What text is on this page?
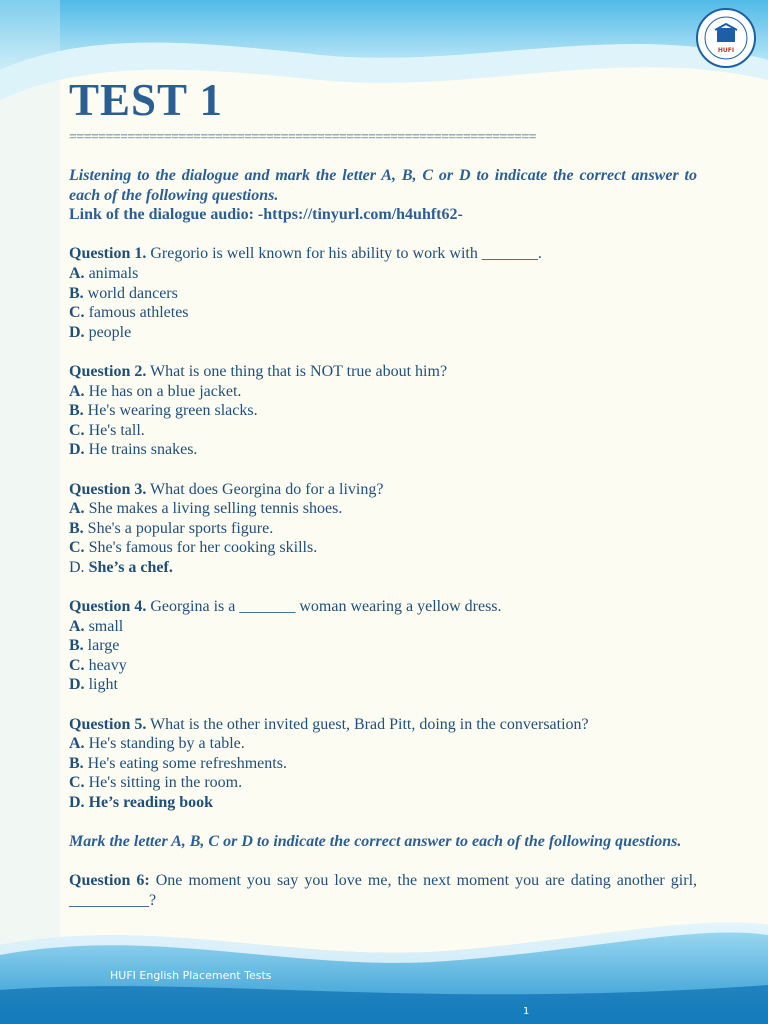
HUFI
TEST 1
================================================================
Listening to the dialogue and mark the letter A, B, C or D to indicate the correct answer to each of the following questions.
Link of the dialogue audio: -https://tinyurl.com/h4uhft62-
Question 1. Gregorio is well known for his ability to work with _______.
A. animals
B. world dancers
C. famous athletes
D. people
Question 2. What is one thing that is NOT true about him?
A. He has on a blue jacket.
B. He's wearing green slacks.
C. He's tall.
D. He trains snakes.
Question 3. What does Georgina do for a living?
A. She makes a living selling tennis shoes.
B. She's a popular sports figure.
C. She's famous for her cooking skills.
D. She’s a chef.
Question 4. Georgina is a _______ woman wearing a yellow dress.
A. small
B. large
C. heavy
D. light
Question 5. What is the other invited guest, Brad Pitt, doing in the conversation?
A. He's standing by a table.
B. He's eating some refreshments.
C. He's sitting in the room.
D. He’s reading book
Mark the letter A, B, C or D to indicate the correct answer to each of the following questions.
Question 6: One moment you say you love me, the next moment you are dating another girl, __________?
HUFI English Placement Tests
1
